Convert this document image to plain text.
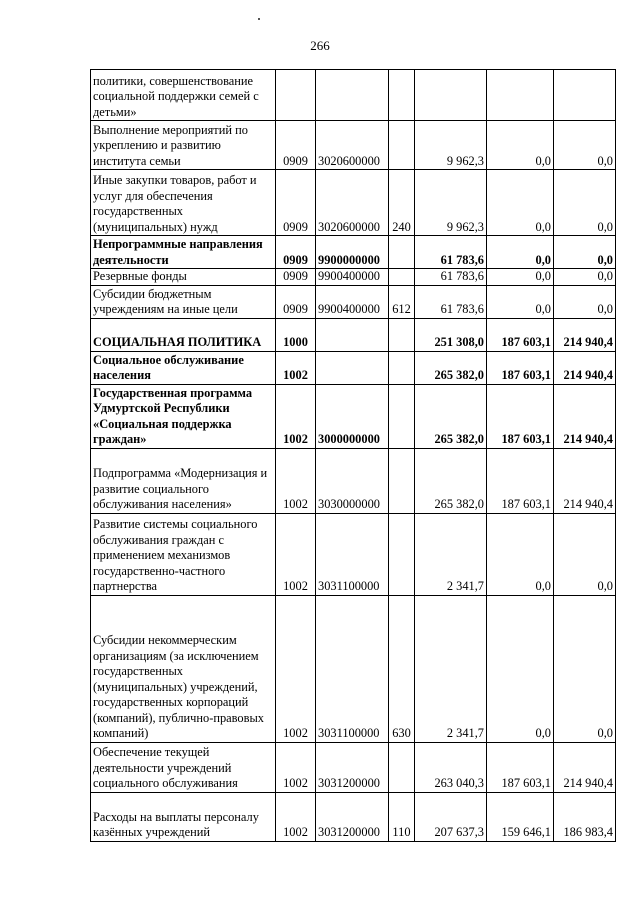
266
политики, совершенствование социальной поддержки семей с детьми»						
Выполнение мероприятий по укреплению и развитию института семьи	0909	3020600000		9 962,3	0,0	0,0
Иные закупки товаров, работ и услуг для обеспечения государственных (муниципальных) нужд	0909	3020600000	240	9 962,3	0,0	0,0
Непрограммные направления деятельности	0909	9900000000		61 783,6	0,0	0,0
Резервные фонды	0909	9900400000		61 783,6	0,0	0,0
Субсидии бюджетным учреждениям на иные цели	0909	9900400000	612	61 783,6	0,0	0,0
СОЦИАЛЬНАЯ ПОЛИТИКА	1000			251 308,0	187 603,1	214 940,4
Социальное обслуживание населения	1002			265 382,0	187 603,1	214 940,4
Государственная программа Удмуртской Республики «Социальная поддержка граждан»	1002	3000000000		265 382,0	187 603,1	214 940,4
Подпрограмма «Модернизация и развитие социального обслуживания населения»	1002	3030000000		265 382,0	187 603,1	214 940,4
Развитие системы социального обслуживания граждан с применением механизмов государственно-частного партнерства	1002	3031100000		2 341,7	0,0	0,0
Субсидии некоммерческим организациям (за исключением государственных (муниципальных) учреждений, государственных корпораций (компаний), публично-правовых компаний)	1002	3031100000	630	2 341,7	0,0	0,0
Обеспечение текущей деятельности учреждений социального обслуживания	1002	3031200000		263 040,3	187 603,1	214 940,4
Расходы на выплаты персоналу казённых учреждений	1002	3031200000	110	207 637,3	159 646,1	186 983,4
